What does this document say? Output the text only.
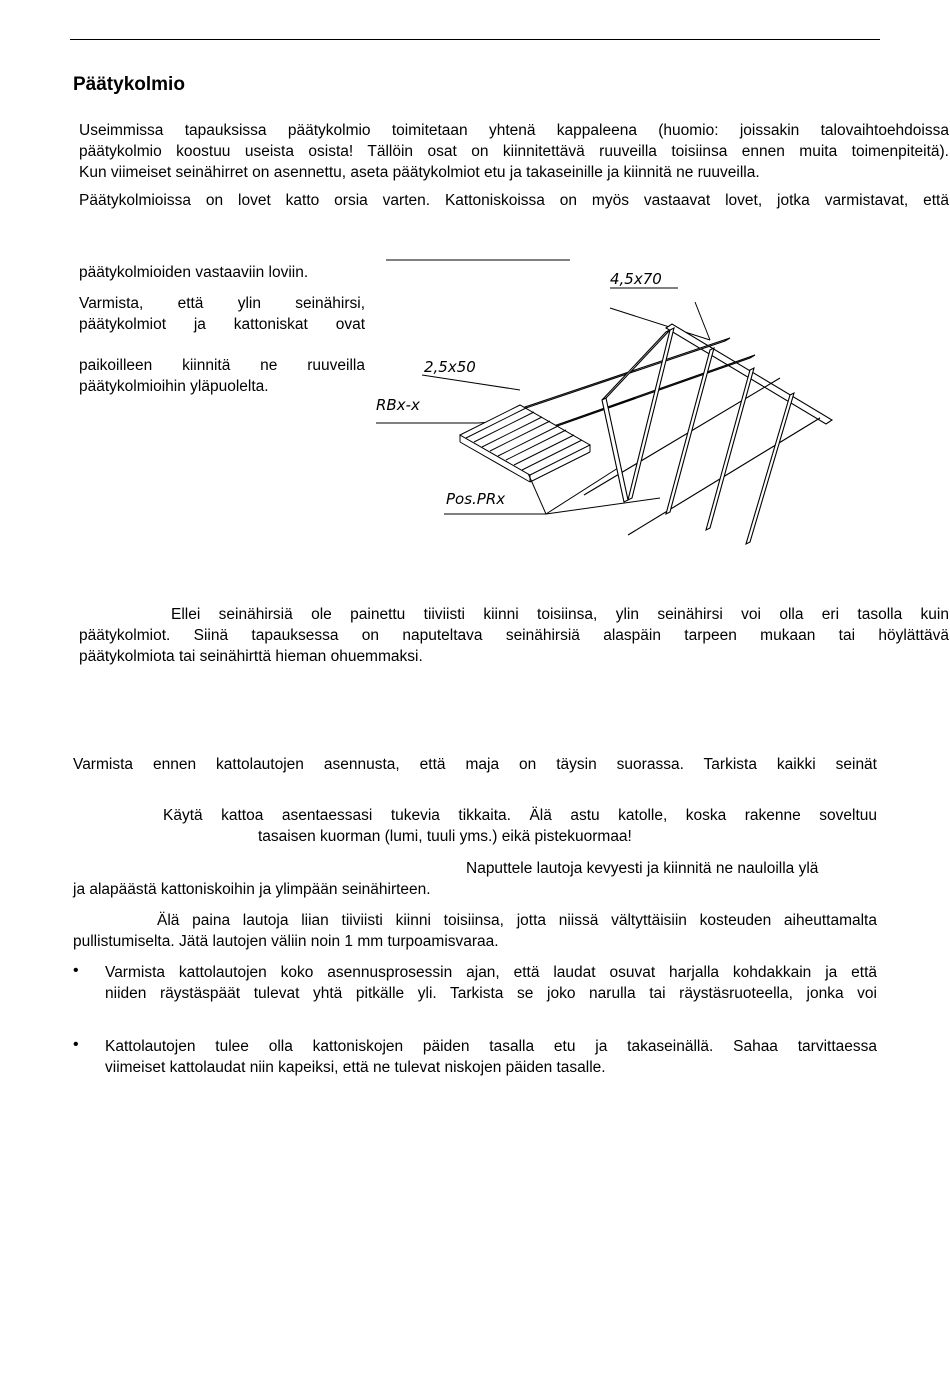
Päätykolmio
Useimmissa tapauksissa päätykolmio toimitetaan yhtenä kappaleena (huomio: joissakin talovaihtoehdoissa
päätykolmio koostuu useista osista! Tällöin osat on kiinnitettävä ruuveilla toisiinsa ennen muita toimenpiteitä).
Kun viimeiset seinähirret on asennettu, aseta päätykolmiot etu ja takaseinille ja kiinnitä ne ruuveilla.
Päätykolmioissa on lovet katto orsia varten. Kattoniskoissa on myös vastaavat lovet, jotka varmistavat, että
päätykolmioiden vastaaviin loviin.
Varmista, että ylin seinähirsi,
päätykolmiot ja kattoniskat ovat
paikoilleen kiinnitä ne ruuveilla
päätykolmioihin yläpuolelta.
4,5x70
2,5x50
RBx-x
Pos.PRx
Ellei seinähirsiä ole painettu tiiviisti kiinni toisiinsa, ylin seinähirsi voi olla eri tasolla kuin
päätykolmiot. Siinä tapauksessa on naputeltava seinähirsiä alaspäin tarpeen mukaan tai höylättävä
päätykolmiota tai seinähirttä hieman ohuemmaksi.
Varmista ennen kattolautojen asennusta, että maja on täysin suorassa. Tarkista kaikki seinät
Käytä kattoa asentaessasi tukevia tikkaita. Älä astu katolle, koska rakenne soveltuu
tasaisen kuorman (lumi, tuuli yms.) eikä pistekuormaa!
Naputtele lautoja kevyesti ja kiinnitä ne nauloilla ylä
ja alapäästä kattoniskoihin ja ylimpään seinähirteen.
Älä paina lautoja liian tiiviisti kiinni toisiinsa, jotta niissä vältyttäisiin kosteuden aiheuttamalta
pullistumiselta. Jätä lautojen väliin noin 1 mm turpoamisvaraa.
• Varmista kattolautojen koko asennusprosessin ajan, että laudat osuvat harjalla kohdakkain ja että
niiden räystäspäät tulevat yhtä pitkälle yli. Tarkista se joko narulla tai räystäsruoteella, jonka voi
• Kattolautojen tulee olla kattoniskojen päiden tasalla etu ja takaseinällä. Sahaa tarvittaessa
viimeiset kattolaudat niin kapeiksi, että ne tulevat niskojen päiden tasalle.
